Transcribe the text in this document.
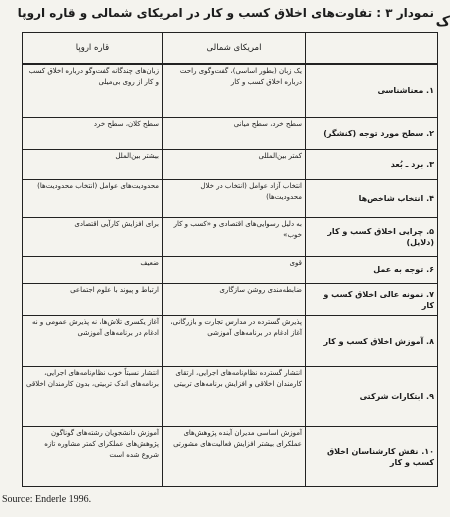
نمودار ۳ : تفاوت‌های اخلاق کسب و کار در امریکای شمالی و قاره اروپا
ک
	امریکای شمالی	قاره اروپا
۱. معناشناسی	یک زبان (بطور اساسی)، گفت‌وگوی راحت درباره اخلاق کسب و کار	زبان‌های چندگانه گفت‌وگو درباره اخلاق کسب و کار از روی بی‌میلی
۲. سطح مورد توجه (کنشگر)	سطح خرد، سطح میانی	سطح کلان، سطح خرد
۳. برد ـ بُعد	کمتر بین‌المللی	بیشتر بین‌الملل
۴. انتخاب شاخص‌ها	انتخاب آزاد عوامل (انتخاب در خلال محدودیت‌ها)	محدودیت‌های عوامل (انتخاب محدودیت‌ها)
۵. چرایی اخلاق کسب و کار (دلایل)	به دلیل رسوایی‌های اقتصادی و «کسب و کار خوب»	برای افزایش کارآیی اقتصادی
۶. توجه به عمل	قوی	ضعیف
۷. نمونه عالی اخلاق کسب و کار	ضابطه‌مندی روشن سازگاری	ارتباط و پیوند با علوم اجتماعی
۸. آموزش اخلاق کسب و کار	پذیرش گسترده در مدارس تجارت و بازرگانی، آغاز ادغام در برنامه‌های آموزشی	آغاز یکسری تلاش‌ها، نه پذیرش عمومی و نه ادغام در برنامه‌های آموزشی
۹. ابتکارات شرکتی	انتشار گسترده نظام‌نامه‌های اجرایی، ارتقای کارمندان اخلاقی و افزایش برنامه‌های تربیتی	انتشار نسبتاً خوب نظام‌نامه‌های اجرایی، برنامه‌های اندک تربیتی، بدون کارمندان اخلاقی
۱۰. نقش کارشناسان اخلاق کسب و کار	آموزش اساسی مدیران آینده پژوهش‌های عملکرای بیشتر افزایش فعالیت‌های مشورتی	آموزش دانشجویان رشته‌های گوناگون پژوهش‌های عملکرای کمتر مشاوره تازه شروع شده است
Source: Enderle 1996.
